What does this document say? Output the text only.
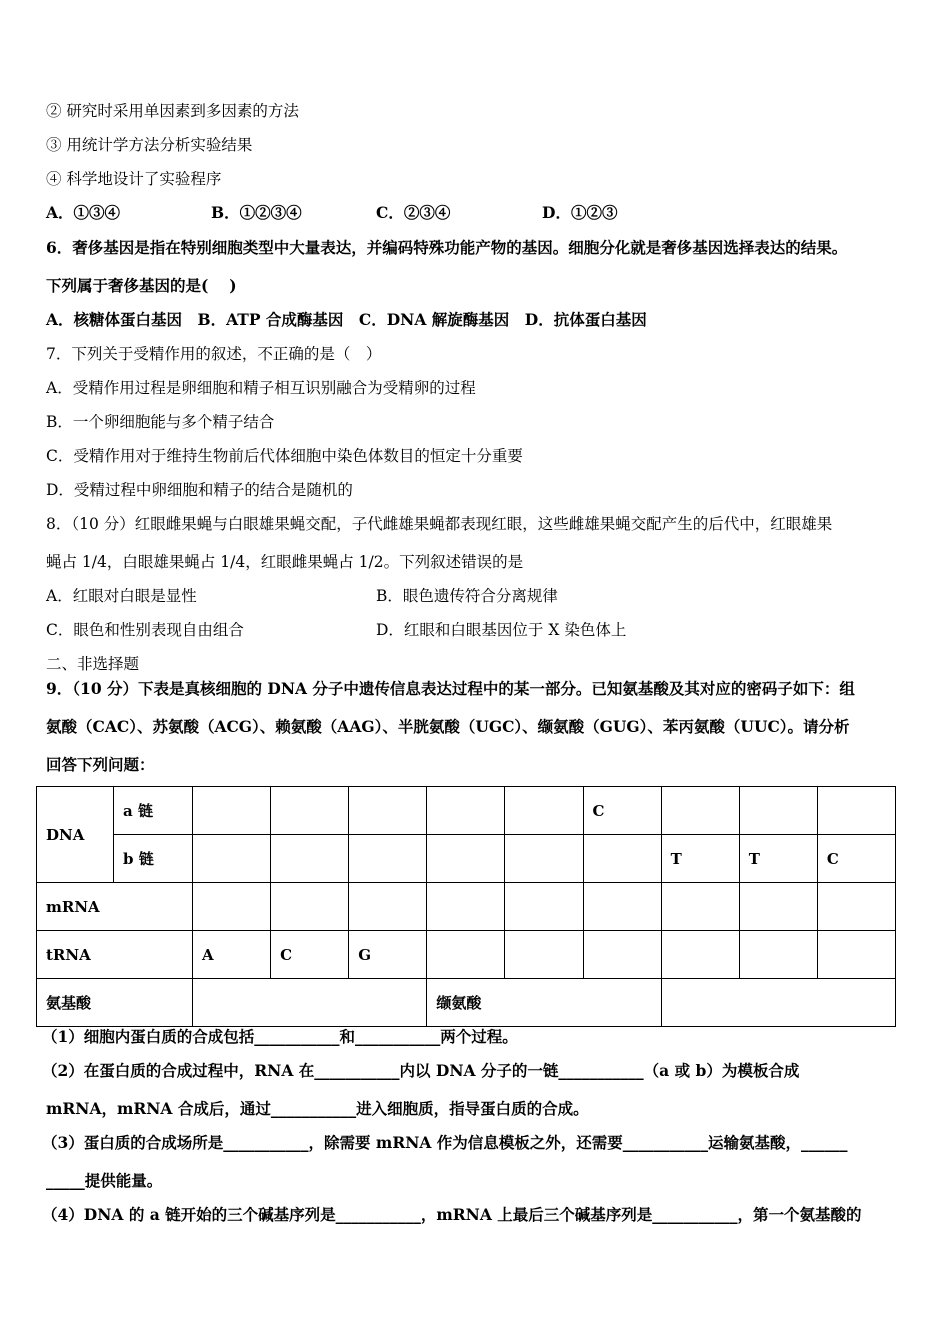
② 研究时采用单因素到多因素的方法
③ 用统计学方法分析实验结果
④ 科学地设计了实验程序
A．①③④	B．①②③④	C．②③④	D．①②③
6．奢侈基因是指在特别细胞类型中大量表达，并编码特殊功能产物的基因。细胞分化就是奢侈基因选择表达的结果。
下列属于奢侈基因的是(　 )
A．核糖体蛋白基因　B．ATP 合成酶基因　C．DNA 解旋酶基因　D．抗体蛋白基因
7．下列关于受精作用的叙述，不正确的是（　）
A．受精作用过程是卵细胞和精子相互识别融合为受精卵的过程
B．一个卵细胞能与多个精子结合
C．受精作用对于维持生物前后代体细胞中染色体数目的恒定十分重要
D．受精过程中卵细胞和精子的结合是随机的
8．（10 分）红眼雌果蝇与白眼雄果蝇交配，子代雌雄果蝇都表现红眼，这些雌雄果蝇交配产生的后代中，红眼雄果
蝇占 1/4，白眼雄果蝇占 1/4，红眼雌果蝇占 1/2。下列叙述错误的是
A．红眼对白眼是显性	B．眼色遗传符合分离规律
C．眼色和性别表现自由组合	D．红眼和白眼基因位于 X 染色体上
二、非选择题
9．（10 分）下表是真核细胞的 DNA 分子中遗传信息表达过程中的某一部分。已知氨基酸及其对应的密码子如下：组
氨酸（CAC）、苏氨酸（ACG）、赖氨酸（AAG）、半胱氨酸（UGC）、缬氨酸（GUG）、苯丙氨酸（UUC）。请分析
回答下列问题：
DNA	a 链						C			
	b 链							T	T	C
mRNA										
tRNA		A	C	G						
氨基酸					缬氨酸					
（1）细胞内蛋白质的合成包括___________和___________两个过程。
（2）在蛋白质的合成过程中，RNA 在___________内以 DNA 分子的一链___________（a 或 b）为模板合成
mRNA，mRNA 合成后，通过___________进入细胞质，指导蛋白质的合成。
（3）蛋白质的合成场所是___________，除需要 mRNA 作为信息模板之外，还需要___________运输氨基酸，______
_____提供能量。
（4）DNA 的 a 链开始的三个碱基序列是___________，mRNA 上最后三个碱基序列是___________，第一个氨基酸的
